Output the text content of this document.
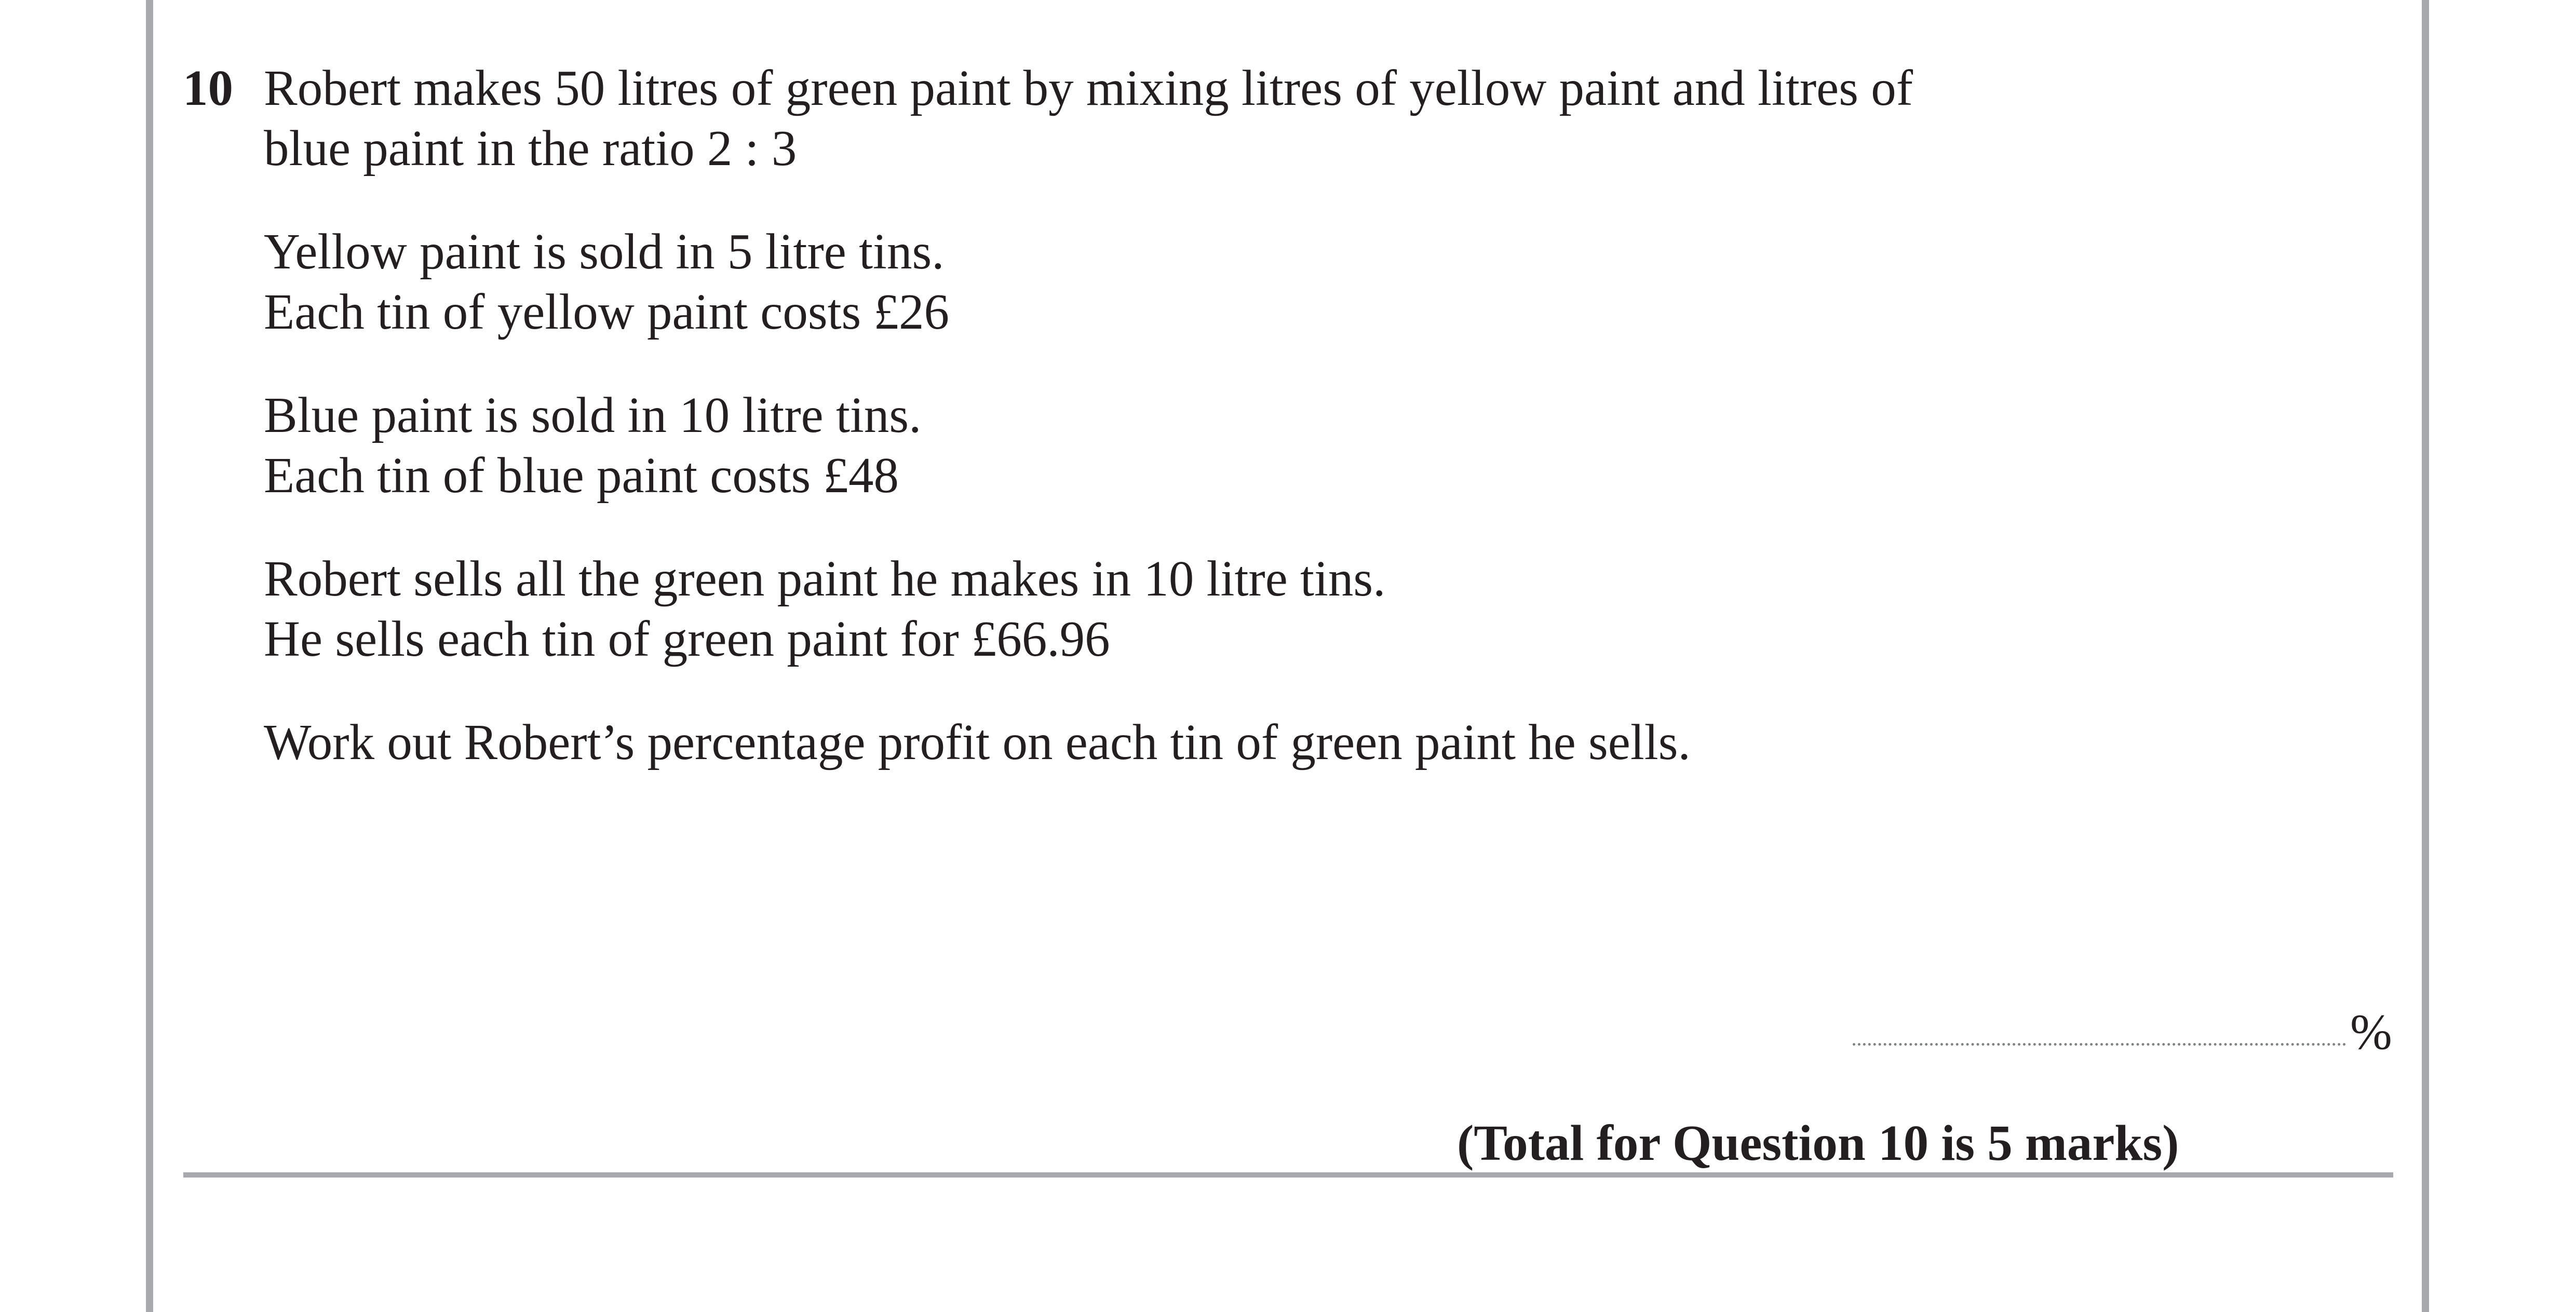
10 Robert makes 50 litres of green paint by mixing litres of yellow paint and litres of
blue paint in the ratio 2 : 3

Yellow paint is sold in 5 litre tins.
Each tin of yellow paint costs £26

Blue paint is sold in 10 litre tins.
Each tin of blue paint costs £48

Robert sells all the green paint he makes in 10 litre tins.
He sells each tin of green paint for £66.96

Work out Robert’s percentage profit on each tin of green paint he sells.

%
(Total for Question 10 is 5 marks)
